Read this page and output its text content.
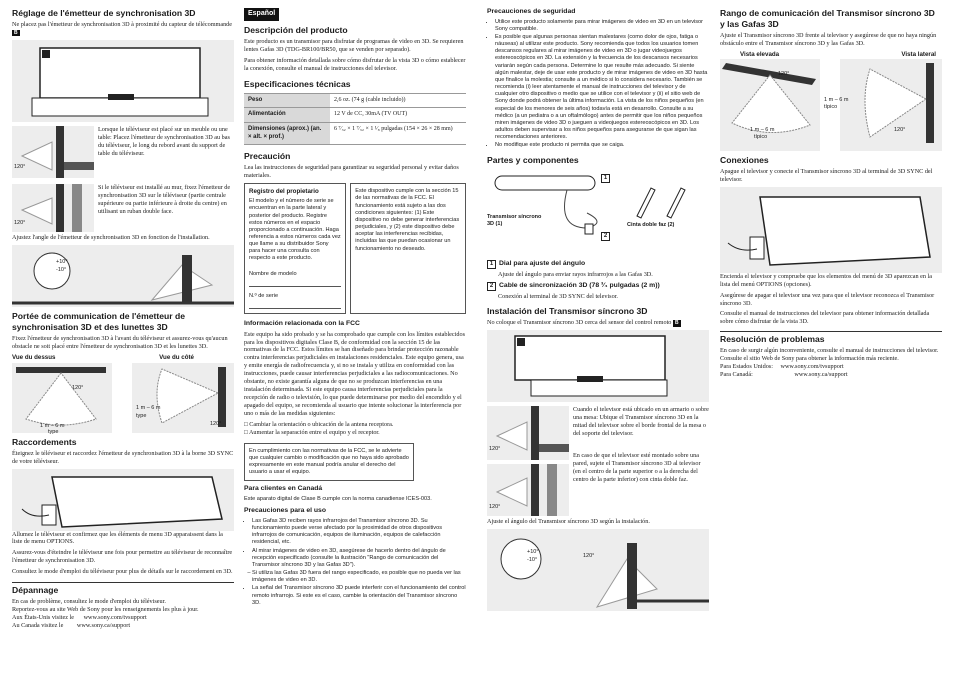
Réglage de l'émetteur de synchronisation 3D

Ne placez pas l'émetteur de synchronisation 3D à proximité du capteur de télécommande B

120°

Lorsque le téléviseur est placé sur un meuble ou une table: Placez l'émetteur de synchronisation 3D au bas du téléviseur, le long du rebord avant du support de table du téléviseur.

120°

Si le téléviseur est installé au mur, fixez l'émetteur de synchronisation 3D sur le téléviseur (partie centrale supérieure ou partie inférieure à droite du centre) en utilisant un ruban double face.

Ajustez l'angle de l'émetteur de synchronisation 3D en fonction de l'installation.

+10°
-10°
Portée de communication de l'émetteur de synchronisation 3D et des lunettes 3D

Fixez l'émetteur de synchronisation 3D à l'avant du téléviseur et assurez-vous qu'aucun obstacle ne soit placé entre l'émetteur de synchronisation 3D et les lunettes 3D.

Vue du dessus	Vue du côté
120°
1 m – 6 m
type
1 m – 6 m
type
120°
Raccordements

Éteignez le téléviseur et raccordez l'émetteur de synchronisation 3D à la borne 3D SYNC de votre téléviseur.

Allumez le téléviseur et confirmez que les éléments de menu 3D apparaissent dans la liste de menu OPTIONS.

Assurez-vous d'éteindre le téléviseur une fois pour permettre au téléviseur de reconnaître l'émetteur de synchronisation 3D.

Consultez le mode d'emploi du téléviseur pour plus de détails sur le raccordement en 3D.

Dépannage

En cas de problème, consultez le mode d'emploi du téléviseur.

Reportez-vous au site Web de Sony pour les renseignements les plus à jour.

Aux États-Unis visitez le www.sony.com/tvsupport
Au Canada visitez le www.sony.ca/support
Español
Descripción del producto

Este producto es un transmisor para disfrutar de programas de video en 3D. Se requieren lentes Gafas 3D (TDG-BR100/BR50, que se venden por separado).

Para obtener información detallada sobre cómo disfrutar de la vista 3D o cómo establecer la conexión, consulte el manual de instrucciones del televisor.

Especificaciones técnicas
Peso	2,6 oz. (74 g (cable incluido))
Alimentación	12 V de CC, 30mA (TV OUT)
Dimensiones (aprox.) (an. × alt. × prof.)	6 ⁷⁄₃₂ × 1 ⁷⁄₃₂ × 1 ¹⁄₈ pulgadas (154 × 26 × 28 mm)
Precaución

Lea las instrucciones de seguridad para garantizar su seguridad personal y evitar daños materiales.

Registro del propietario
El modelo y el número de serie se encuentran en la parte lateral y posterior del producto. Registre estos números en el espacio proporcionado a continuación. Haga referencia a estos números cada vez que llame a su distribuidor Sony para hacer una consulta con respecto a este producto.
Nombre de modelo
N.º de serie
Este dispositivo cumple con la sección 15 de las normativas de la FCC. El funcionamiento está sujeto a las dos condiciones siguientes: (1) Este dispositivo no debe generar interferencias perjudiciales, y (2) este dispositivo debe aceptar las interferencias recibidas, incluidas las que puedan ocasionar un funcionamiento no deseado.
Información relacionada con la FCC

Este equipo ha sido probado y se ha comprobado que cumple con los límites establecidos para los dispositivos digitales Clase B, de conformidad con la sección 15 de las normativas de la FCC. Estos límites se han diseñado para brindar protección razonable contra interferencias perjudiciales en instalaciones residenciales. Este equipo genera, usa y emite energía de radiofrecuencia y, si no se instala y utiliza en conformidad con las instrucciones, puede causar interferencias perjudiciales a las radiocomunicaciones. No obstante, no existe garantía alguna de que no se produzcan interferencias en una instalación determinada. Si este equipo causa interferencias perjudiciales para la recepción de radio o televisión, lo que puede determinarse por medio del encendido y el apagado del equipo, se recomienda al usuario que intente solucionar la interferencia por uno o más de las medidas siguientes:

□ Cambiar la orientación o ubicación de la antena receptora.
□ Aumentar la separación entre el equipo y el receptor.
En cumplimiento con las normativas de la FCC, se le advierte que cualquier cambio o modificación que no haya sido aprobado expresamente en este manual podría anular el derecho del usuario a usar el equipo.
Para clientes en Canadá
Este aparato digital de Clase B cumple con la norma canadiense ICES-003.
Precauciones para el uso
• Las Gafas 3D reciben rayos infrarrojos del Transmisor síncrono 3D. Su funcionamiento puede verse afectado por la proximidad de otros dispositivos infrarrojos de comunicación, equipos de iluminación, equipos de calefacción residencial, etc.
• Al mirar imágenes de video en 3D, asegúrese de hacerlo dentro del ángulo de recepción especificado (consulte la ilustración "Rango de comunicación del Transmisor síncrono 3D y las Gafas 3D").
– Si utiliza las Gafas 3D fuera del rango especificado, es posible que no pueda ver las imágenes de video en 3D.
• La señal del Transmisor síncrono 3D puede interferir con el funcionamiento del control remoto infrarrojo. Si este es el caso, cambie la orientación del Transmisor síncrono 3D.
Precauciones de seguridad
• Utilice este producto solamente para mirar imágenes de video en 3D en un televisor Sony compatible.
• Es posible que algunas personas sientan malestares (como dolor de ojos, fatiga o náuseas) al utilizar este producto. Sony recomienda que todos los usuarios tomen descansos regulares al mirar imágenes de video en 3D o jugar videojuegos estereoscópicos en 3D. La extensión y la frecuencia de los descansos necesarios variarán según cada persona. Determine lo que resulte más adecuado. Si siente algún malestar, deje de usar este producto y de mirar imágenes de video en 3D hasta que finalice la molestia; consulte a un médico si lo considera necesario. También se recomienda (i) leer atentamente el manual de instrucciones del televisor y de cualquier otro dispositivo o medio que se utilice con el televisor y (ii) el sitio web de Sony donde podrá obtener la última información. La vista de los niños pequeños (en especial de los menores de seis años) todavía está en desarrollo. Consulte a su médico (a un pediatra o a un oftalmólogo) antes de permitir que los niños pequeños miren imágenes de video 3D o jueguen a videojuegos estereoscópicos en 3D. Los adultos deben supervisar a los niños pequeños para asegurarse de que sigan las recomendaciones anteriores.
• No modifique este producto ni permita que se caiga.
Partes y componentes
1
2
Transmisor síncrono 3D (1)	Cinta doble faz (2)
1 Dial para ajuste del ángulo
Ajuste del ángulo para enviar rayos infrarrojos a las Gafas 3D.
2 Cable de sincronización 3D (78 ³⁄₄ pulgadas (2 m))
Conexión al terminal de 3D SYNC del televisor.
Instalación del Transmisor síncrono 3D

No coloque el Transmisor síncrono 3D cerca del sensor del control remoto B

120°

Cuando el televisor está ubicado en un armario o sobre una mesa: Ubique el Transmisor síncrono 3D en la mitad del televisor sobre el borde frontal de la mesa o del soporte del televisor.

120°

En caso de que el televisor esté montado sobre una pared, sujete el Transmisor síncrono 3D al televisor (en el centro de la parte superior o a la derecha del centro de la parte inferior) con cinta doble faz.

Ajuste el ángulo del Transmisor síncrono 3D según la instalación.

+10°
-10°
120°
Rango de comunicación del Transmisor síncrono 3D y las Gafas 3D

Ajuste el Transmisor síncrono 3D frente al televisor y asegúrese de que no haya ningún obstáculo entre el Transmisor síncrono 3D y las Gafas 3D.

Vista elevada	Vista lateral
120°
1 m – 6 m
típico
1 m – 6 m
típico
120°
Conexiones

Apague el televisor y conecte el Transmisor síncrono 3D al terminal de 3D SYNC del televisor.

Encienda el televisor y compruebe que los elementos del menú de 3D aparezcan en la lista del menú OPTIONS (opciones).

Asegúrese de apagar el televisor una vez para que el televisor reconozca el Transmisor síncrono 3D.

Consulte el manual de instrucciones del televisor para obtener información detallada sobre cómo disfrutar de la vista 3D.

Resolución de problemas

En caso de surgir algún inconveniente, consulte el manual de instrucciones del televisor.

Consulte el sitio Web de Sony para obtener la información más reciente.

Para Estados Unidos: www.sony.com/tvsupport
Para Canadá:	www.sony.ca/support
